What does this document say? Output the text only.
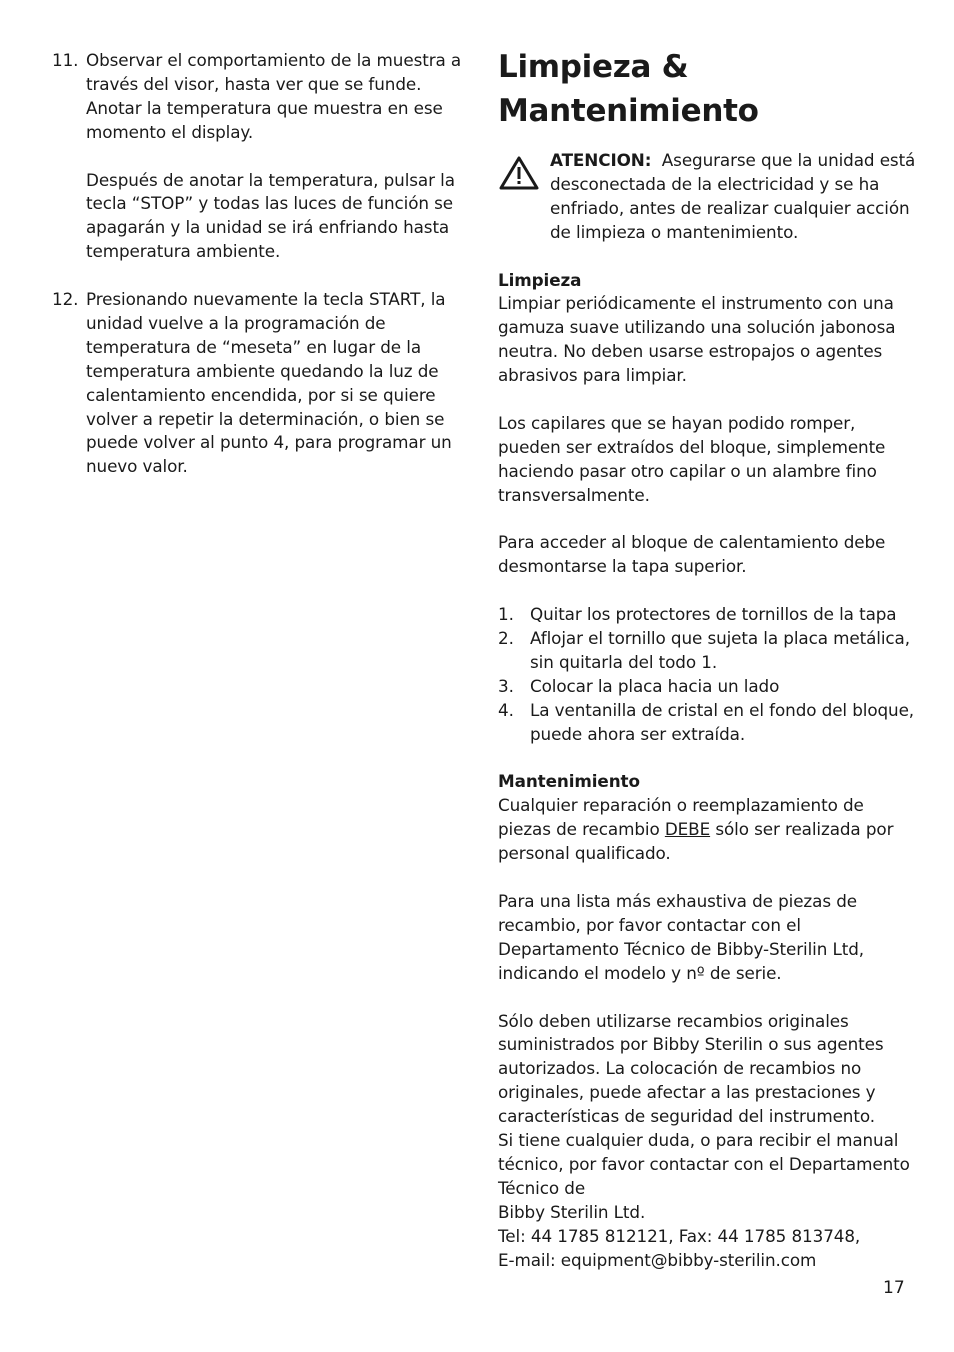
11. Observar el comportamiento de la muestra a través del visor, hasta ver que se funde. Anotar la temperatura que muestra en ese momento el display.

Después de anotar la temperatura, pulsar la tecla “STOP” y todas las luces de función se apagarán y la unidad se irá enfriando hasta temperatura ambiente.

12. Presionando nuevamente la tecla START, la unidad vuelve a la programación de temperatura de “meseta” en lugar de la temperatura ambiente quedando la luz de calentamiento encendida, por si se quiere volver a repetir la determinación, o bien se puede volver al punto 4, para programar un nuevo valor.

Limpieza & Mantenimiento

ATENCION: Asegurarse que la unidad está desconectada de la electricidad y se ha enfriado, antes de realizar cualquier acción de limpieza o mantenimiento.

Limpieza

Limpiar periódicamente el instrumento con una gamuza suave utilizando una solución jabonosa neutra. No deben usarse estropajos o agentes abrasivos para limpiar.

Los capilares que se hayan podido romper, pueden ser extraídos del bloque, simplemente haciendo pasar otro capilar o un alambre fino transversalmente.

Para acceder al bloque de calentamiento debe desmontarse la tapa superior.

1. Quitar los protectores de tornillos de la tapa
2. Aflojar el tornillo que sujeta la placa metálica, sin quitarla del todo 1.
3. Colocar la placa hacia un lado
4. La ventanilla de cristal en el fondo del bloque, puede ahora ser extraída.

Mantenimiento

Cualquier reparación o reemplazamiento de piezas de recambio DEBE sólo ser realizada por personal qualificado.

Para una lista más exhaustiva de piezas de recambio, por favor contactar con el Departamento Técnico de Bibby-Sterilin Ltd, indicando el modelo y nº de serie.

Sólo deben utilizarse recambios originales suministrados por Bibby Sterilin o sus agentes autorizados. La colocación de recambios no originales, puede afectar a las prestaciones y características de seguridad del instrumento.

Si tiene cualquier duda, o para recibir el manual técnico, por favor contactar con el Departamento Técnico de

Bibby Sterilin Ltd.

Tel: 44 1785 812121, Fax: 44 1785 813748,

E-mail: equipment@bibby-sterilin.com

17
